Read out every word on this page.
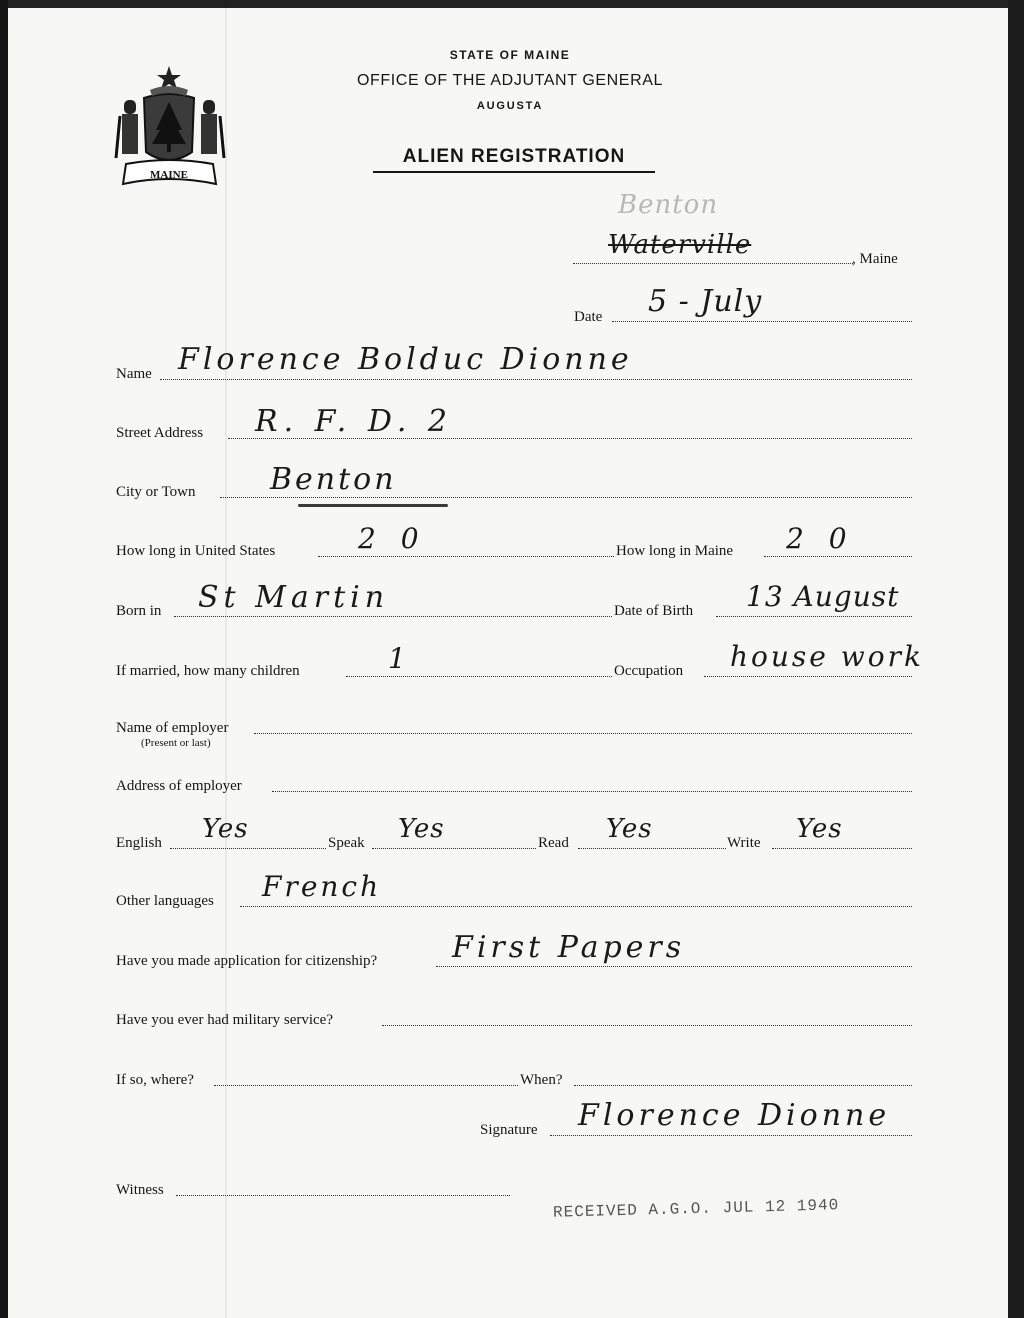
MAINE
STATE OF MAINE
OFFICE OF THE ADJUTANT GENERAL
AUGUSTA
ALIEN REGISTRATION
Benton
Waterville	, Maine
Date 5 - July
Name Florence Bolduc Dionne
Street Address R. F. D. 2
City or Town Benton
How long in United States	2 0	How long in Maine 2 0
Born in St Martin	Date of Birth 13 August
If married, how many children	1	Occupation house work
Name of employer
(Present or last)
Address of employer
English Yes	Speak Yes	Read Yes	Write Yes
Other languages French
Have you made application for citizenship? First Papers
Have you ever had military service?
If so, where?	When?
Signature Florence Dionne
Witness
RECEIVED A.G.O. JUL 12 1940
